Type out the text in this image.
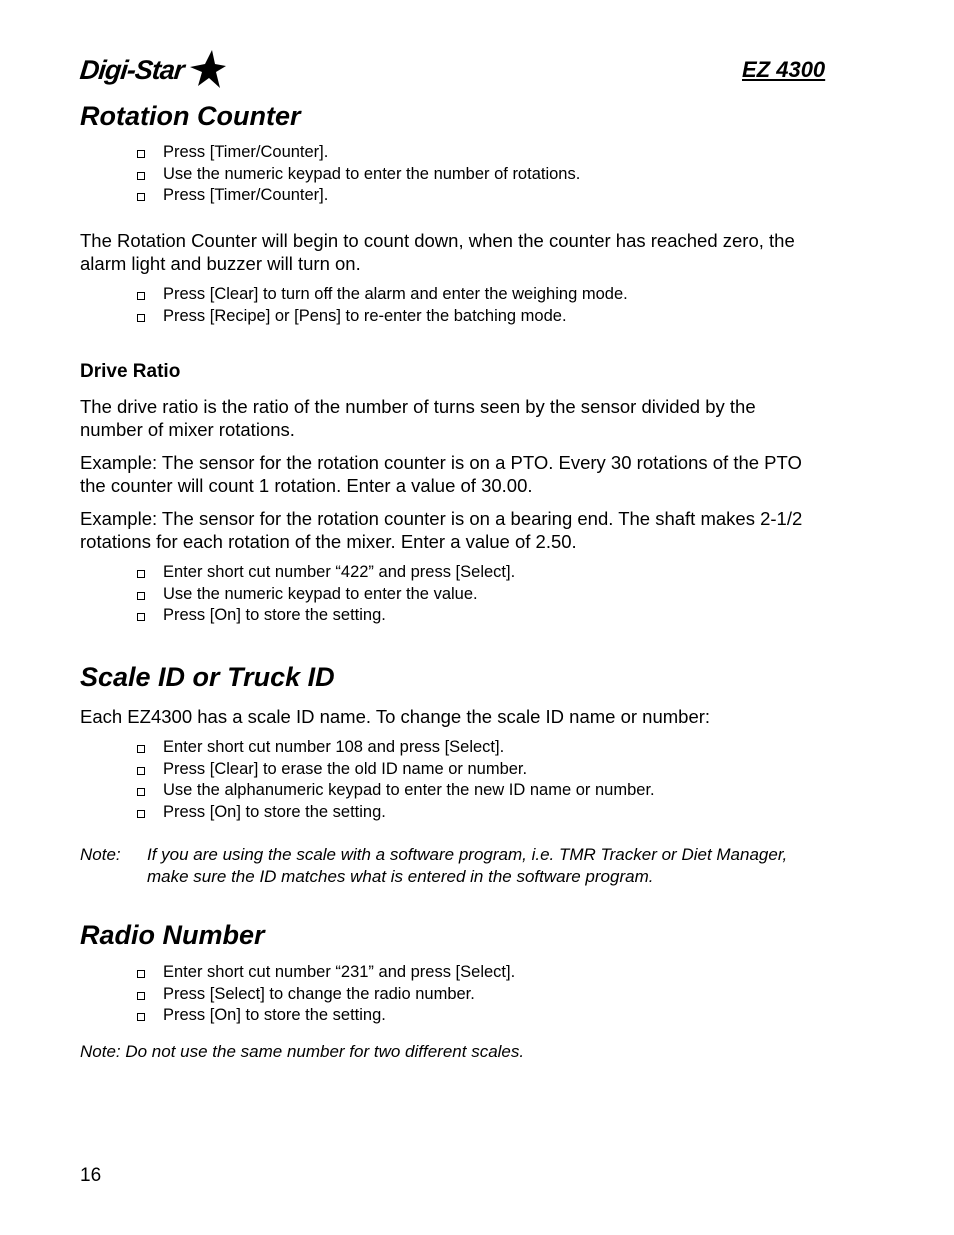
Digi-Star	EZ 4300
Rotation Counter
Press [Timer/Counter].
Use the numeric keypad to enter the number of rotations.
Press [Timer/Counter].

The Rotation Counter will begin to count down, when the counter has reached zero, the alarm light and buzzer will turn on.

Press [Clear] to turn off the alarm and enter the weighing mode.
Press [Recipe] or [Pens] to re-enter the batching mode.
Drive Ratio

The drive ratio is the ratio of the number of turns seen by the sensor divided by the number of mixer rotations.

Example: The sensor for the rotation counter is on a PTO. Every 30 rotations of the PTO the counter will count 1 rotation. Enter a value of 30.00.

Example: The sensor for the rotation counter is on a bearing end. The shaft makes 2-1/2 rotations for each rotation of the mixer. Enter a value of 2.50.

Enter short cut number “422” and press [Select].
Use the numeric keypad to enter the value.
Press [On] to store the setting.
Scale ID or Truck ID

Each EZ4300 has a scale ID name. To change the scale ID name or number:

Enter short cut number 108 and press [Select].
Press [Clear] to erase the old ID name or number.
Use the alphanumeric keypad to enter the new ID name or number.
Press [On] to store the setting.
Note: If you are using the scale with a software program, i.e. TMR Tracker or Diet Manager, make sure the ID matches what is entered in the software program.
Radio Number
Enter short cut number “231” and press [Select].
Press [Select] to change the radio number.
Press [On] to store the setting.
Note: Do not use the same number for two different scales.
16
